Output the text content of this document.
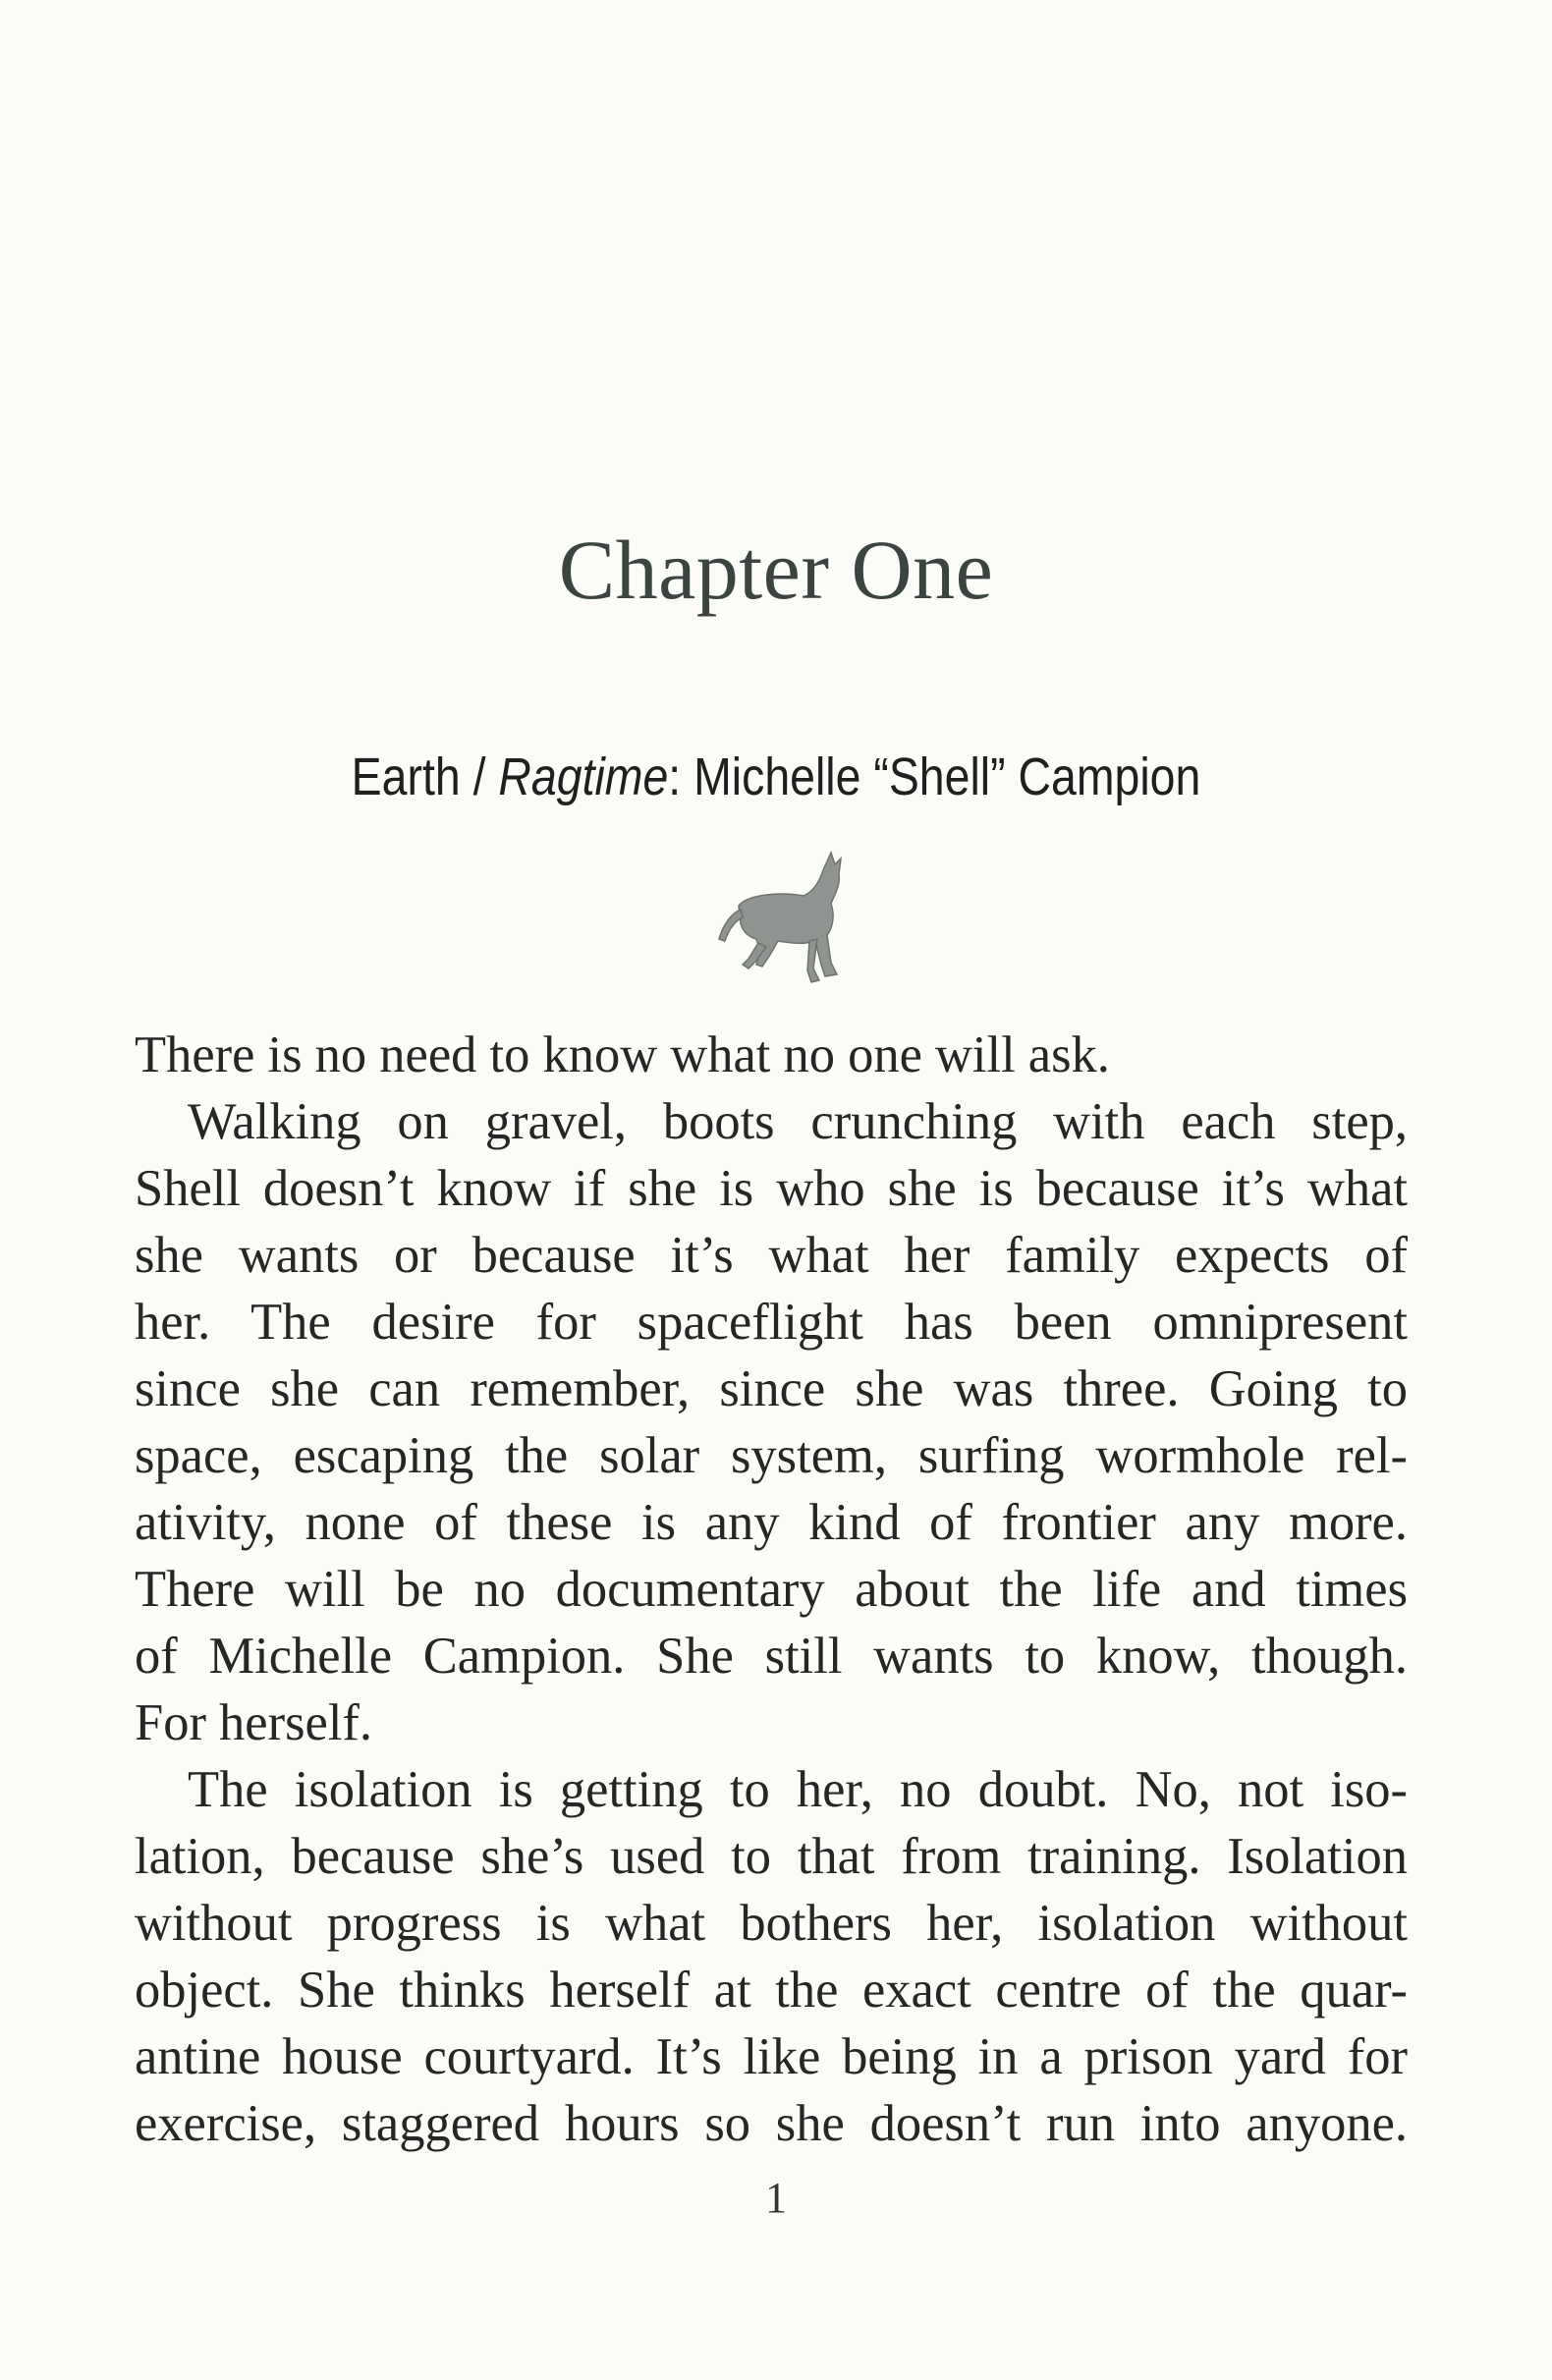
Chapter One
Earth / Ragtime: Michelle “Shell” Campion
There is no need to know what no one will ask.
Walking on gravel, boots crunching with each step,
Shell doesn’t know if she is who she is because it’s what
she wants or because it’s what her family expects of
her. The desire for spaceflight has been omnipresent
since she can remember, since she was three. Going to
space, escaping the solar system, surfing wormhole rel-
ativity, none of these is any kind of frontier any more.
There will be no documentary about the life and times
of Michelle Campion. She still wants to know, though.
For herself.
The isolation is getting to her, no doubt. No, not iso-
lation, because she’s used to that from training. Isolation
without progress is what bothers her, isolation without
object. She thinks herself at the exact centre of the quar-
antine house courtyard. It’s like being in a prison yard for
exercise, staggered hours so she doesn’t run into anyone.
1
